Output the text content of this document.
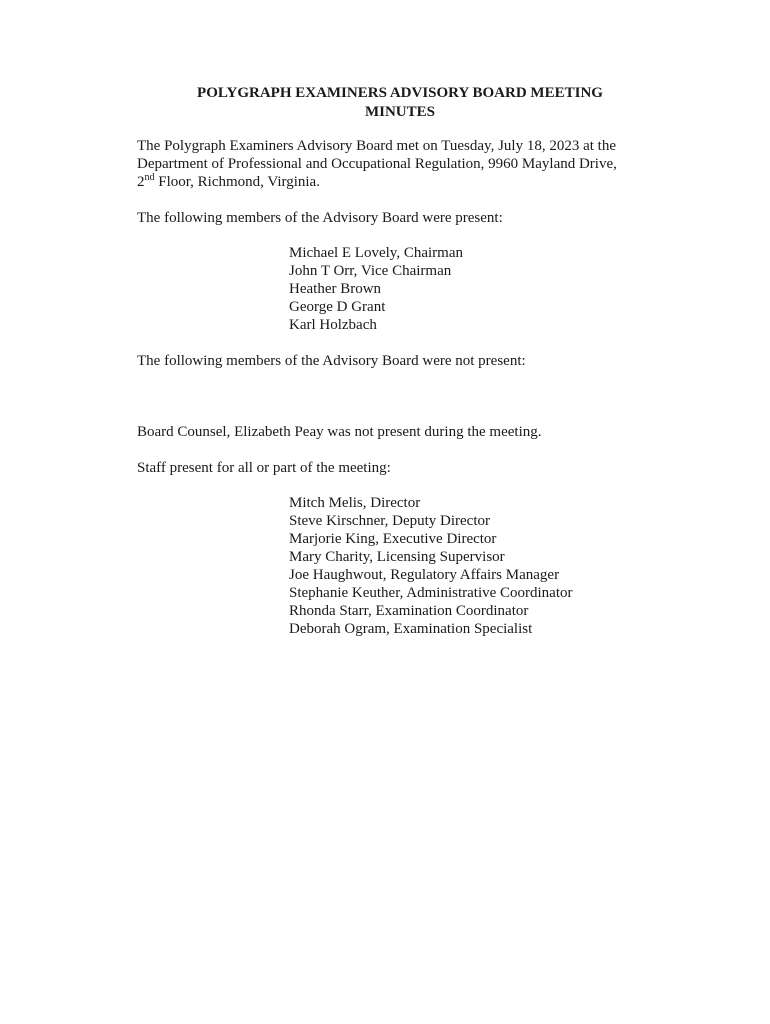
POLYGRAPH EXAMINERS ADVISORY BOARD MEETING
MINUTES
The Polygraph Examiners Advisory Board met on Tuesday, July 18, 2023 at the
Department of Professional and Occupational Regulation, 9960 Mayland Drive,
2nd Floor, Richmond, Virginia.
The following members of the Advisory Board were present:
Michael E Lovely, Chairman
John T Orr, Vice Chairman
Heather Brown
George D Grant
Karl Holzbach
The following members of the Advisory Board were not present:
Board Counsel, Elizabeth Peay was not present during the meeting.
Staff present for all or part of the meeting:
Mitch Melis, Director
Steve Kirschner, Deputy Director
Marjorie King, Executive Director
Mary Charity, Licensing Supervisor
Joe Haughwout, Regulatory Affairs Manager
Stephanie Keuther, Administrative Coordinator
Rhonda Starr, Examination Coordinator
Deborah Ogram, Examination Specialist
